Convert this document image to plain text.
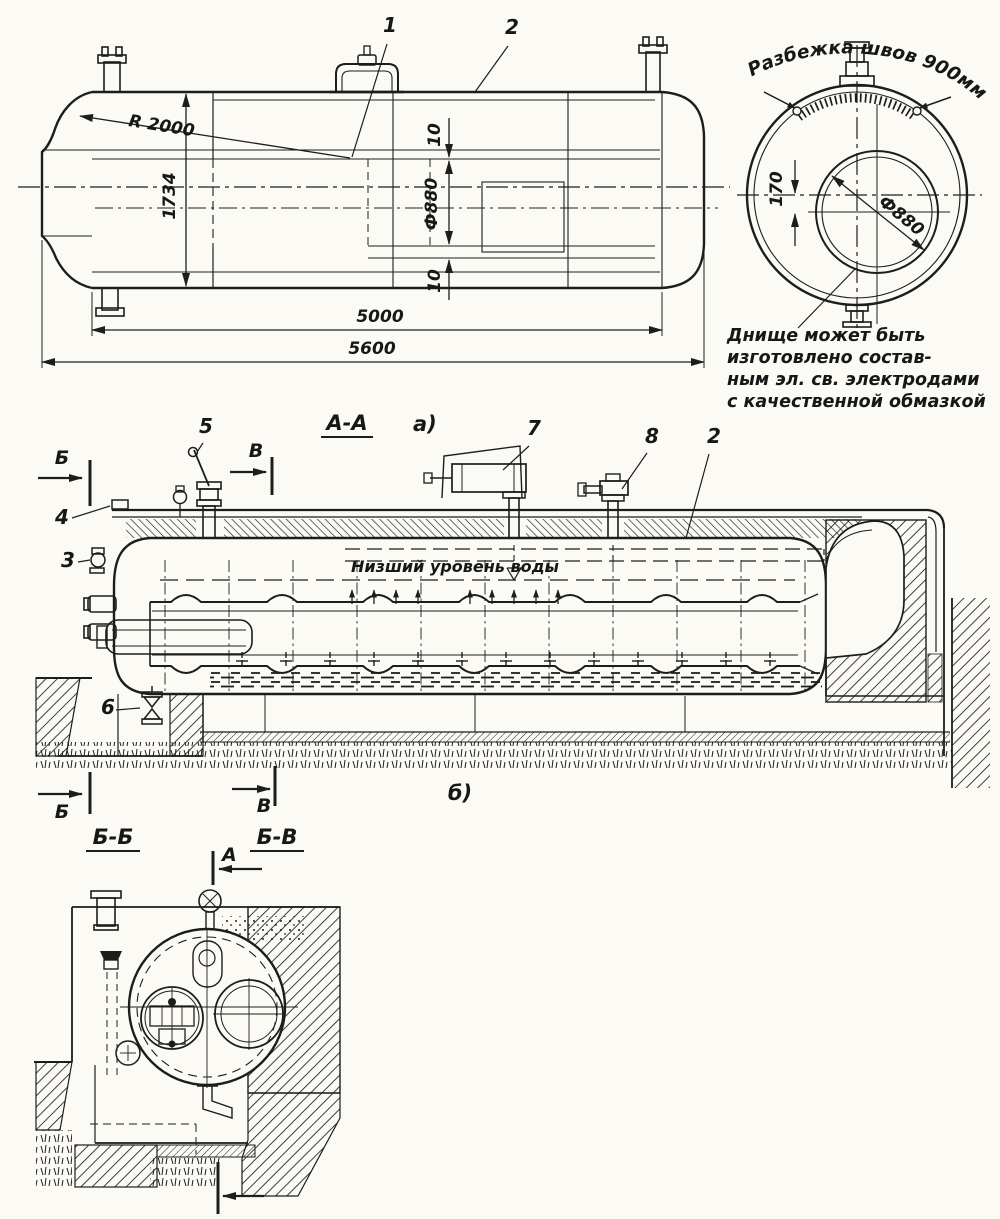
1	2
R 2000
1734
10
Ф880
10
5000
5600
Разбежка швов 900мм
170
Ф880
Днище может быть
изготовлено состав-
ным эл. св. электродами
с качественной обмазкой
А-А а)
Б	В
5
4
3
6
7	8 2
Низший уровень воды
Б	В
б)
Б-Б	Б-В
А
